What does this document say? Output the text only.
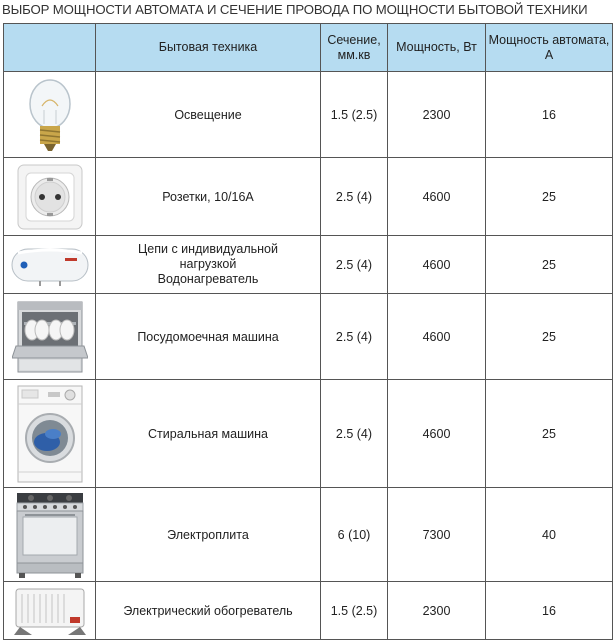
ВЫБОР МОЩНОСТИ АВТОМАТА И СЕЧЕНИЕ ПРОВОДА ПО МОЩНОСТИ БЫТОВОЙ ТЕХНИКИ
	Бытовая техника	Сечение, мм.кв	Мощность, Вт	Мощность автомата, А

	Освещение	1.5 (2.5)	2300	16

	Розетки, 10/16А	2.5 (4)	4600	25

Цепи с индивидуальной
нагрузкой
Водонагреватель	2.5 (4)	4600	25

	Посудомоечная машина	2.5 (4)	4600	25

	Стиральная машина	2.5 (4)	4600	25

	Электроплита	6 (10)	7300	40

	Электрический обогреватель	1.5 (2.5)	2300	16
